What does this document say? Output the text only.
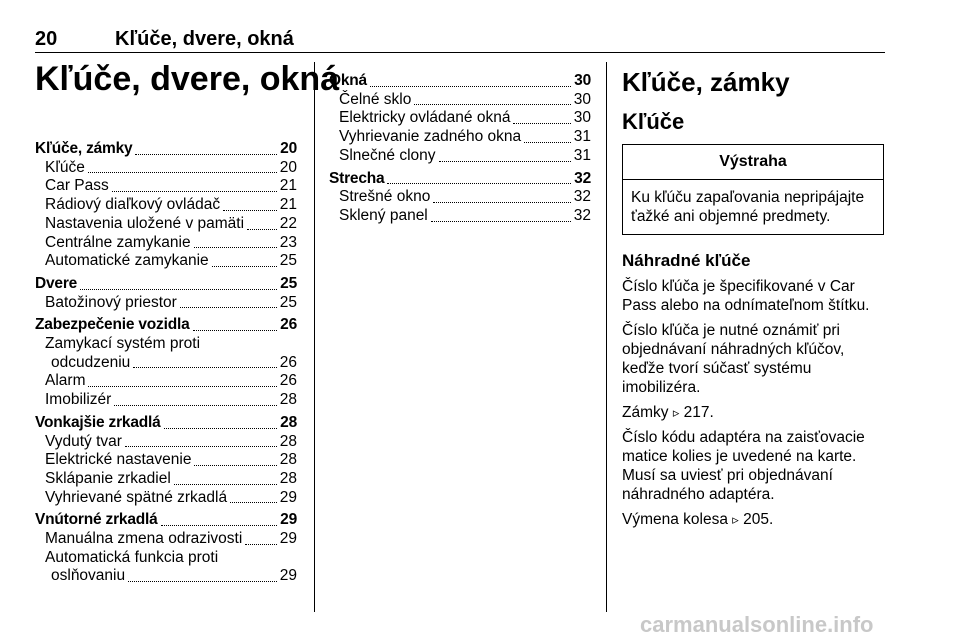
20	Kľúče, dvere, okná
Kľúče, dvere, okná
Kľúče, zámky	20
Kľúče	20
Car Pass	21
Rádiový diaľkový ovládač	21
Nastavenia uložené v pamäti 22
Centrálne zamykanie	23
Automatické zamykanie	25
Dvere	25
Batožinový priestor	25
Zabezpečenie vozidla	26
Zamykací systém proti
odcudzeniu	26
Alarm	26
Imobilizér	28
Vonkajšie zrkadlá	28
Vydutý tvar	28
Elektrické nastavenie	28
Sklápanie zrkadiel	28
Vyhrievané spätné zrkadlá	29
Vnútorné zrkadlá	29
Manuálna zmena odrazivosti 29
Automatická funkcia proti
oslňovaniu	29
Okná	30
Čelné sklo	30
Elektricky ovládané okná	30
Vyhrievanie zadného okna	31
Slnečné clony	31
Strecha	32
Strešné okno	32
Sklený panel	32
Kľúče, zámky
Kľúče
Výstraha
Ku kľúču zapaľovania nepripájajte ťažké ani objemné predmety.
Náhradné kľúče

Číslo kľúča je špecifikované v Car Pass alebo na odnímateľnom štítku.

Číslo kľúča je nutné oznámiť pri objednávaní náhradných kľúčov, keďže tvorí súčasť systému imobilizéra.

Zámky ▹ 217.

Číslo kódu adaptéra na zaisťovacie matice kolies je uvedené na karte. Musí sa uviesť pri objednávaní náhradného adaptéra.

Výmena kolesa ▹ 205.

carmanualsonline.info
